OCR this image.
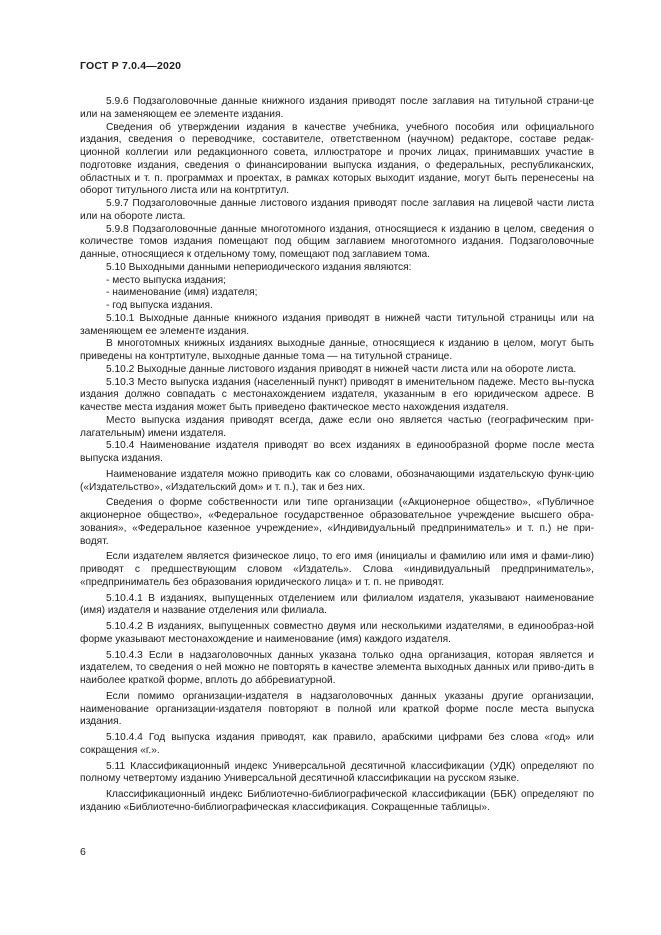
ГОСТ Р 7.0.4—2020

5.9.6 Подзаголовочные данные книжного издания приводят после заглавия на титульной страни-це или на заменяющем ее элементе издания.

Сведения об утверждении издания в качестве учебника, учебного пособия или официального издания, сведения о переводчике, составителе, ответственном (научном) редакторе, составе редак-ционной коллегии или редакционного совета, иллюстраторе и прочих лицах, принимавших участие в подготовке издания, сведения о финансировании выпуска издания, о федеральных, республиканских, областных и т. п. программах и проектах, в рамках которых выходит издание, могут быть перенесены на оборот титульного листа или на контртитул.

5.9.7 Подзаголовочные данные листового издания приводят после заглавия на лицевой части листа или на обороте листа.

5.9.8 Подзаголовочные данные многотомного издания, относящиеся к изданию в целом, сведения о количестве томов издания помещают под общим заглавием многотомного издания. Подзаголовочные данные, относящиеся к отдельному тому, помещают под заглавием тома.

5.10 Выходными данными непериодического издания являются:

- место выпуска издания;

- наименование (имя) издателя;

- год выпуска издания.

5.10.1 Выходные данные книжного издания приводят в нижней части титульной страницы или на заменяющем ее элементе издания.

В многотомных книжных изданиях выходные данные, относящиеся к изданию в целом, могут быть приведены на контртитуле, выходные данные тома — на титульной странице.

5.10.2 Выходные данные листового издания приводят в нижней части листа или на обороте листа.

5.10.3 Место выпуска издания (населенный пункт) приводят в именительном падеже. Место вы-пуска издания должно совпадать с местонахождением издателя, указанным в его юридическом адресе. В качестве места издания может быть приведено фактическое место нахождения издателя.

Место выпуска издания приводят всегда, даже если оно является частью (географическим при-лагательным) имени издателя.

5.10.4 Наименование издателя приводят во всех изданиях в единообразной форме после места выпуска издания.

Наименование издателя можно приводить как со словами, обозначающими издательскую функ-цию («Издательство», «Издательский дом» и т. п.), так и без них.

Сведения о форме собственности или типе организации («Акционерное общество», «Публичное акционерное общество», «Федеральное государственное образовательное учреждение высшего обра-зования», «Федеральное казенное учреждение», «Индивидуальный предприниматель» и т. п.) не при-водят.

Если издателем является физическое лицо, то его имя (инициалы и фамилию или имя и фами-лию) приводят с предшествующим словом «Издатель». Слова «индивидуальный предприниматель», «предприниматель без образования юридического лица» и т. п. не приводят.

5.10.4.1 В изданиях, выпущенных отделением или филиалом издателя, указывают наименование (имя) издателя и название отделения или филиала.

5.10.4.2 В изданиях, выпущенных совместно двумя или несколькими издателями, в единообраз-ной форме указывают местонахождение и наименование (имя) каждого издателя.

5.10.4.3 Если в надзаголовочных данных указана только одна организация, которая является и издателем, то сведения о ней можно не повторять в качестве элемента выходных данных или приво-дить в наиболее краткой форме, вплоть до аббревиатурной.

Если помимо организации-издателя в надзаголовочных данных указаны другие организации, наименование организации-издателя повторяют в полной или краткой форме после места выпуска издания.

5.10.4.4 Год выпуска издания приводят, как правило, арабскими цифрами без слова «год» или сокращения «г.».

5.11 Классификационный индекс Универсальной десятичной классификации (УДК) определяют по полному четвертому изданию Универсальной десятичной классификации на русском языке.

Классификационный индекс Библиотечно-библиографической классификации (ББК) определяют по изданию «Библиотечно-библиографическая классификация. Сокращенные таблицы».

6
